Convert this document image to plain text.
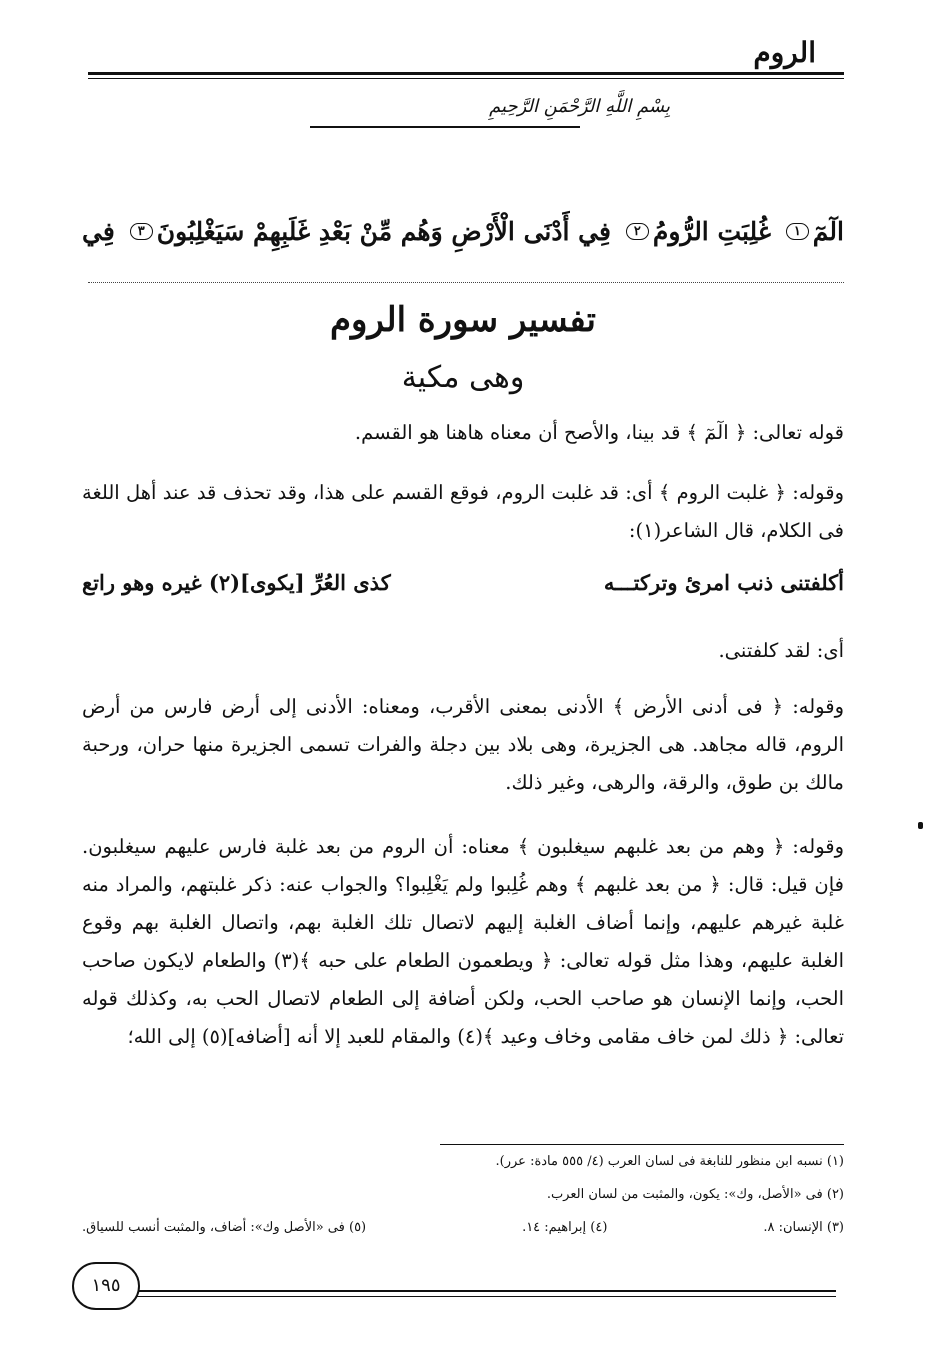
الروم
بِسْمِ اللَّهِ الرَّحْمَنِ الرَّحِيمِ
الٓمٓ
١
غُلِبَتِ الرُّومُ
٢
فِي أَدْنَى الْأَرْضِ وَهُم مِّنْ بَعْدِ غَلَبِهِمْ سَيَغْلِبُونَ
٣
فِي
تفسير سورة الروم
وهى مكية
قوله تعالى: ﴿ الٓمٓ ﴾ قد بينا، والأصح أن معناه هاهنا هو القسم.
وقوله: ﴿ غلبت الروم ﴾ أى: قد غلبت الروم، فوقع القسم على هذا، وقد تحذف قد عند أهل اللغة فى الكلام، قال الشاعر(١):
أكلفتنى ذنب امرئ وتركتـــه
كذى العُرِّ [يكوى](٢) غيره وهو راتع
أى: لقد كلفتنى.
وقوله: ﴿ فى أدنى الأرض ﴾ الأدنى بمعنى الأقرب، ومعناه: الأدنى إلى أرض فارس من أرض الروم، قاله مجاهد. هى الجزيرة، وهى بلاد بين دجلة والفرات تسمى الجزيرة منها حران، ورحبة مالك بن طوق، والرقة، والرهى، وغير ذلك.
وقوله: ﴿ وهم من بعد غلبهم سيغلبون ﴾ معناه: أن الروم من بعد غلبة فارس عليهم سيغلبون. فإن قيل: قال: ﴿ من بعد غلبهم ﴾ وهم غُلِبوا ولم يَغْلِبوا؟ والجواب عنه: ذكر غلبتهم، والمراد منه غلبة غيرهم عليهم، وإنما أضاف الغلبة إليهم لاتصال تلك الغلبة بهم، واتصال الغلبة بهم وقوع الغلبة عليهم، وهذا مثل قوله تعالى: ﴿ ويطعمون الطعام على حبه ﴾(٣) والطعام لايكون صاحب الحب، وإنما الإنسان هو صاحب الحب، ولكن أضافة إلى الطعام لاتصال الحب به، وكذلك قوله تعالى: ﴿ ذلك لمن خاف مقامى وخاف وعيد ﴾(٤) والمقام للعبد إلا أنه [أضافه](٥) إلى الله؛
(١) نسبه ابن منظور للنابغة فى لسان العرب (٤/ ٥٥٥ مادة: عرر).
(٢) فى «الأصل، وك»: يكون، والمثبت من لسان العرب.
(٣) الإنسان: ٨.
(٤) إبراهيم: ١٤.
(٥) فى «الأصل وك»: أضاف، والمثبت أنسب للسياق.
١٩٥
